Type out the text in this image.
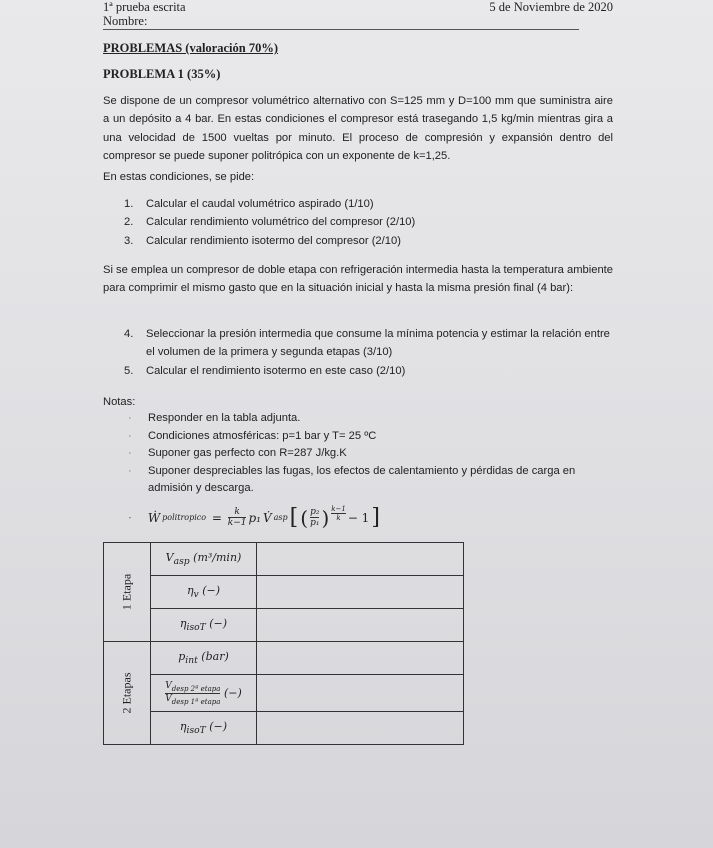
1ª prueba escrita	5 de Noviembre de 2020
Nombre:
PROBLEMAS (valoración 70%)
PROBLEMA 1 (35%)
Se dispone de un compresor volumétrico alternativo con S=125 mm y D=100 mm que suministra aire a un depósito a 4 bar. En estas condiciones el compresor está trasegando 1,5 kg/min mientras gira a una velocidad de 1500 vueltas por minuto. El proceso de compresión y expansión dentro del compresor se puede suponer politrópica con un exponente de k=1,25.
En estas condiciones, se pide:
1. Calcular el caudal volumétrico aspirado (1/10)
2. Calcular rendimiento volumétrico del compresor (2/10)
3. Calcular rendimiento isotermo del compresor (2/10)
Si se emplea un compresor de doble etapa con refrigeración intermedia hasta la temperatura ambiente para comprimir el mismo gasto que en la situación inicial y hasta la misma presión final (4 bar):
4. Seleccionar la presión intermedia que consume la mínima potencia y estimar la relación entre el volumen de la primera y segunda etapas (3/10)
5. Calcular el rendimiento isotermo en este caso (2/10)
Notas:
· Responder en la tabla adjunta.
· Condiciones atmosféricas: p=1 bar y T= 25 ºC
· Suponer gas perfecto con R=287 J/kg.K
· Suponer despreciables las fugas, los efectos de calentamiento y pérdidas de carga en admisión y descarga.
· Ẇ politropico = $\frac{k}{k-1} p_1$ V̇ asp [ ( $\frac{\text{p₂}}{\text{p₁}}$ ) $\frac{k-1}{k} - 1$ ]
1 Etapa	$V_{asp}$ (m³/min)	
	$\eta_v$ (−)	
	$\eta_{isoT}$ (−)	

2 Etapas	$p_{int}$ (bar)	

	$\frac{V_{desp 2ª etapa}}{V_{desp 1ª etapa}}$ (−)	
	$\eta_{isoT}$ (−)	
